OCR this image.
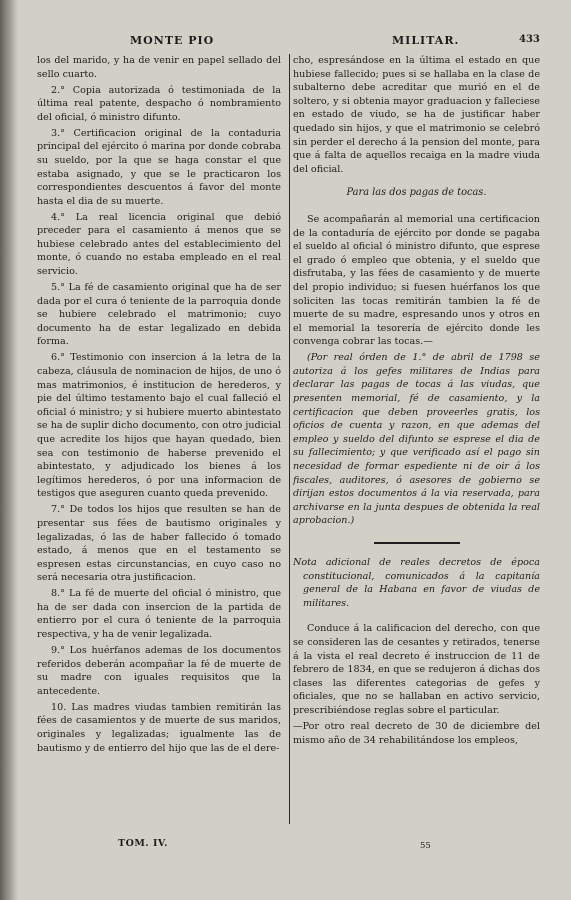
MONTE PIO	MILITAR.	433

los del marido, y ha de venir en papel sellado del sello cuarto.

2.° Copia autorizada ó testimoniada de la última real patente, despacho ó nombramiento del oficial, ó ministro difunto.

3.° Certificacion original de la contaduria principal del ejército ó marina por donde cobraba su sueldo, por la que se haga constar el que estaba asignado, y que se le practicaron los correspondientes descuentos á favor del monte hasta el dia de su muerte.

4.° La real licencia original que debió preceder para el casamiento á menos que se hubiese celebrado antes del establecimiento del monte, ó cuando no estaba empleado en el real servicio.

5.° La fé de casamiento original que ha de ser dada por el cura ó teniente de la parroquia donde se hubiere celebrado el matrimonio; cuyo documento ha de estar legalizado en debida forma.

6.° Testimonio con insercion á la letra de la cabeza, cláusula de nominacion de hijos, de uno ó mas matrimonios, é institucion de herederos, y pie del último testamento bajo el cual falleció el oficial ó ministro; y si hubiere muerto abintestato se ha de suplir dicho documento, con otro judicial que acredite los hijos que hayan quedado, bien sea con testimonio de haberse prevenido el abintestato, y adjudicado los bienes á los legítimos herederos, ó por una informacion de testigos que aseguren cuanto queda prevenido.

7.° De todos los hijos que resulten se han de presentar sus fées de bautismo originales y legalizadas, ó las de haber fallecido ó tomado estado, á menos que en el testamento se espresen estas circunstancias, en cuyo caso no será necesaria otra justificacion.

8.° La fé de muerte del oficial ó ministro, que ha de ser dada con insercion de la partida de entierro por el cura ó teniente de la parroquia respectiva, y ha de venir legalizada.

9.° Los huérfanos ademas de los documentos referidos deberán acompañar la fé de muerte de su madre con iguales requisitos que la antecedente.

10. Las madres viudas tambien remitirán las fées de casamientos y de muerte de sus maridos, originales y legalizadas; igualmente las de bautismo y de entierro del hijo que las de el dere-

cho, espresándose en la última el estado en que hubiese fallecido; pues si se hallaba en la clase de subalterno debe acreditar que murió en el de soltero, y si obtenia mayor graduacion y falleciese en estado de viudo, se ha de justificar haber quedado sin hijos, y que el matrimonio se celebró sin perder el derecho á la pension del monte, para que á falta de aquellos recaiga en la madre viuda del oficial.

Para las dos pagas de tocas.

Se acompañarán al memorial una certificacion de la contaduría de ejército por donde se pagaba el sueldo al oficial ó ministro difunto, que esprese el grado ó empleo que obtenia, y el sueldo que disfrutaba, y las fées de casamiento y de muerte del propio individuo; si fuesen huérfanos los que soliciten las tocas remitirán tambien la fé de muerte de su madre, espresando unos y otros en el memorial la tesorería de ejército donde les convenga cobrar las tocas.—

(Por real órden de 1.° de abril de 1798 se autoriza á los gefes militares de Indias para declarar las pagas de tocas á las viudas, que presenten memorial, fé de casamiento, y la certificacion que deben proveerles gratis, los oficios de cuenta y razon, en que ademas del empleo y sueldo del difunto se esprese el dia de su fallecimiento; y que verificado así el pago sin necesidad de formar espediente ni de oir á los fiscales, auditores, ó asesores de gobierno se dirijan estos documentos á la via reservada, para archivarse en la junta despues de obtenida la real aprobacion.)

Nota adicional de reales decretos de época constitucional, comunicados á la capitanía general de la Habana en favor de viudas de militares.

Conduce á la calificacion del derecho, con que se consideren las de cesantes y retirados, tenerse á la vista el real decreto é instruccion de 11 de febrero de 1834, en que se redujeron á dichas dos clases las diferentes categorias de gefes y oficiales, que no se hallaban en activo servicio, prescribiéndose reglas sobre el particular.

—Por otro real decreto de 30 de diciembre del mismo año de 34 rehabilitándose los empleos,

TOM. IV.	55
